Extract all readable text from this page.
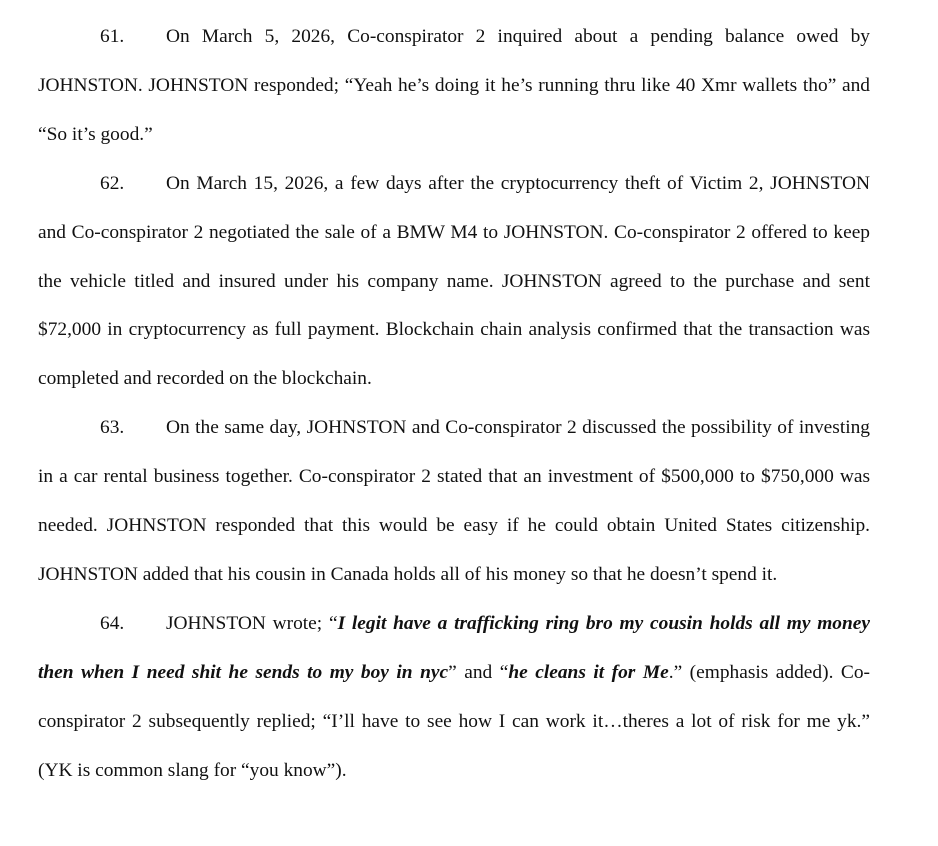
61. On March 5, 2026, Co-conspirator 2 inquired about a pending balance owed by JOHNSTON. JOHNSTON responded; “Yeah he’s doing it he’s running thru like 40 Xmr wallets tho” and “So it’s good.”

62. On March 15, 2026, a few days after the cryptocurrency theft of Victim 2, JOHNSTON and Co-conspirator 2 negotiated the sale of a BMW M4 to JOHNSTON. Co-conspirator 2 offered to keep the vehicle titled and insured under his company name. JOHNSTON agreed to the purchase and sent $72,000 in cryptocurrency as full payment. Blockchain chain analysis confirmed that the transaction was completed and recorded on the blockchain.

63. On the same day, JOHNSTON and Co-conspirator 2 discussed the possibility of investing in a car rental business together. Co-conspirator 2 stated that an investment of $500,000 to $750,000 was needed. JOHNSTON responded that this would be easy if he could obtain United States citizenship. JOHNSTON added that his cousin in Canada holds all of his money so that he doesn’t spend it.

64. JOHNSTON wrote; “I legit have a trafficking ring bro my cousin holds all my money then when I need shit he sends to my boy in nyc” and “he cleans it for Me.” (emphasis added). Co-conspirator 2 subsequently replied; “I’ll have to see how I can work it…theres a lot of risk for me yk.” (YK is common slang for “you know”).
